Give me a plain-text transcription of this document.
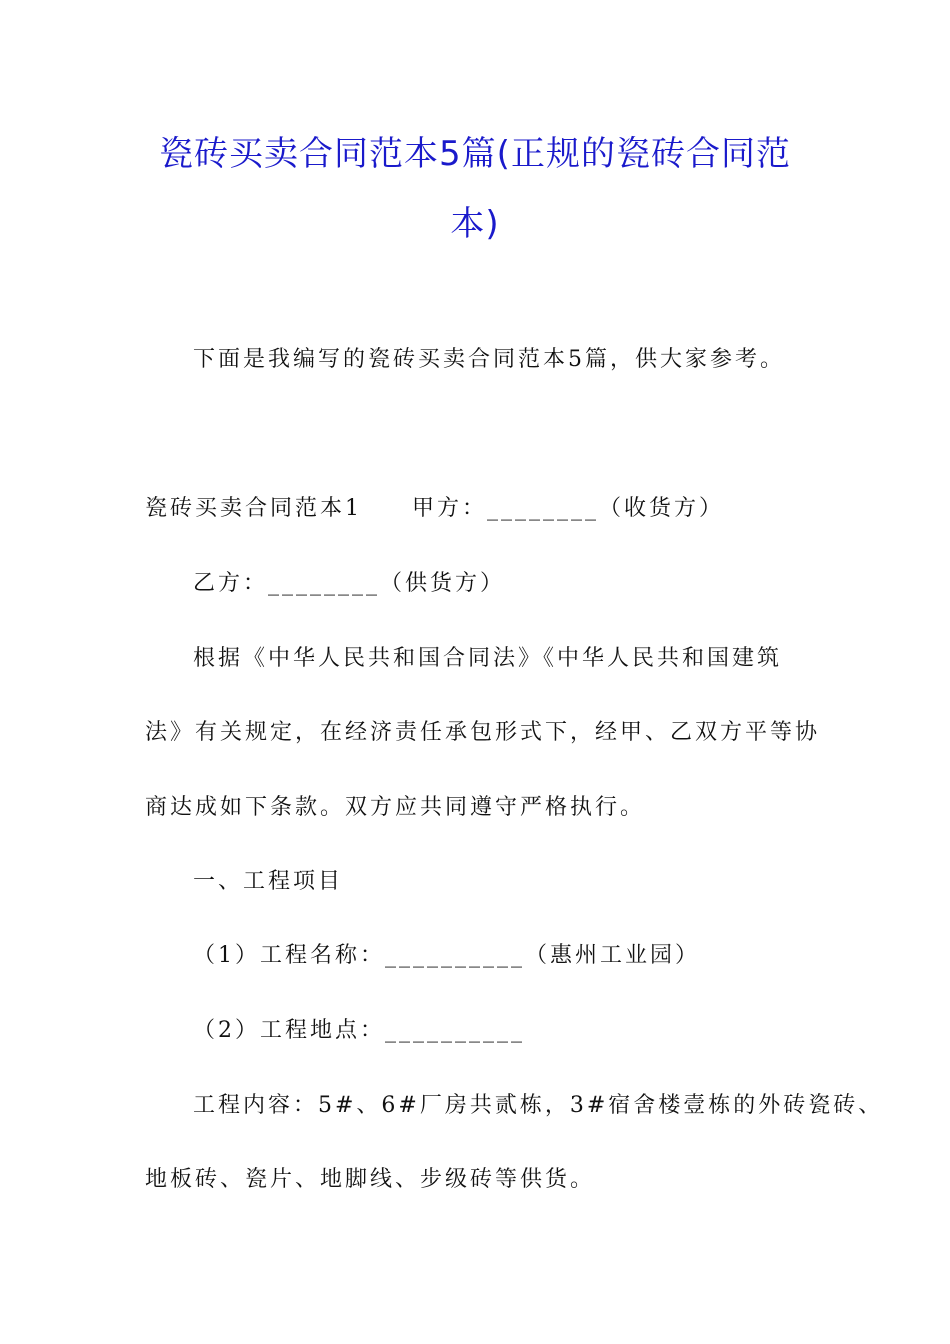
瓷砖买卖合同范本5篇(正规的瓷砖合同范
本)

下面是我编写的瓷砖买卖合同范本5篇，供大家参考。

瓷砖买卖合同范本1　　甲方：________（收货方）

乙方：________（供货方）

根据《中华人民共和国合同法》《中华人民共和国建筑

法》有关规定，在经济责任承包形式下，经甲、乙双方平等协

商达成如下条款。双方应共同遵守严格执行。

一、工程项目

（1）工程名称：__________（惠州工业园）

（2）工程地点：__________

工程内容：5#、6#厂房共贰栋，3#宿舍楼壹栋的外砖瓷砖、

地板砖、瓷片、地脚线、步级砖等供货。
